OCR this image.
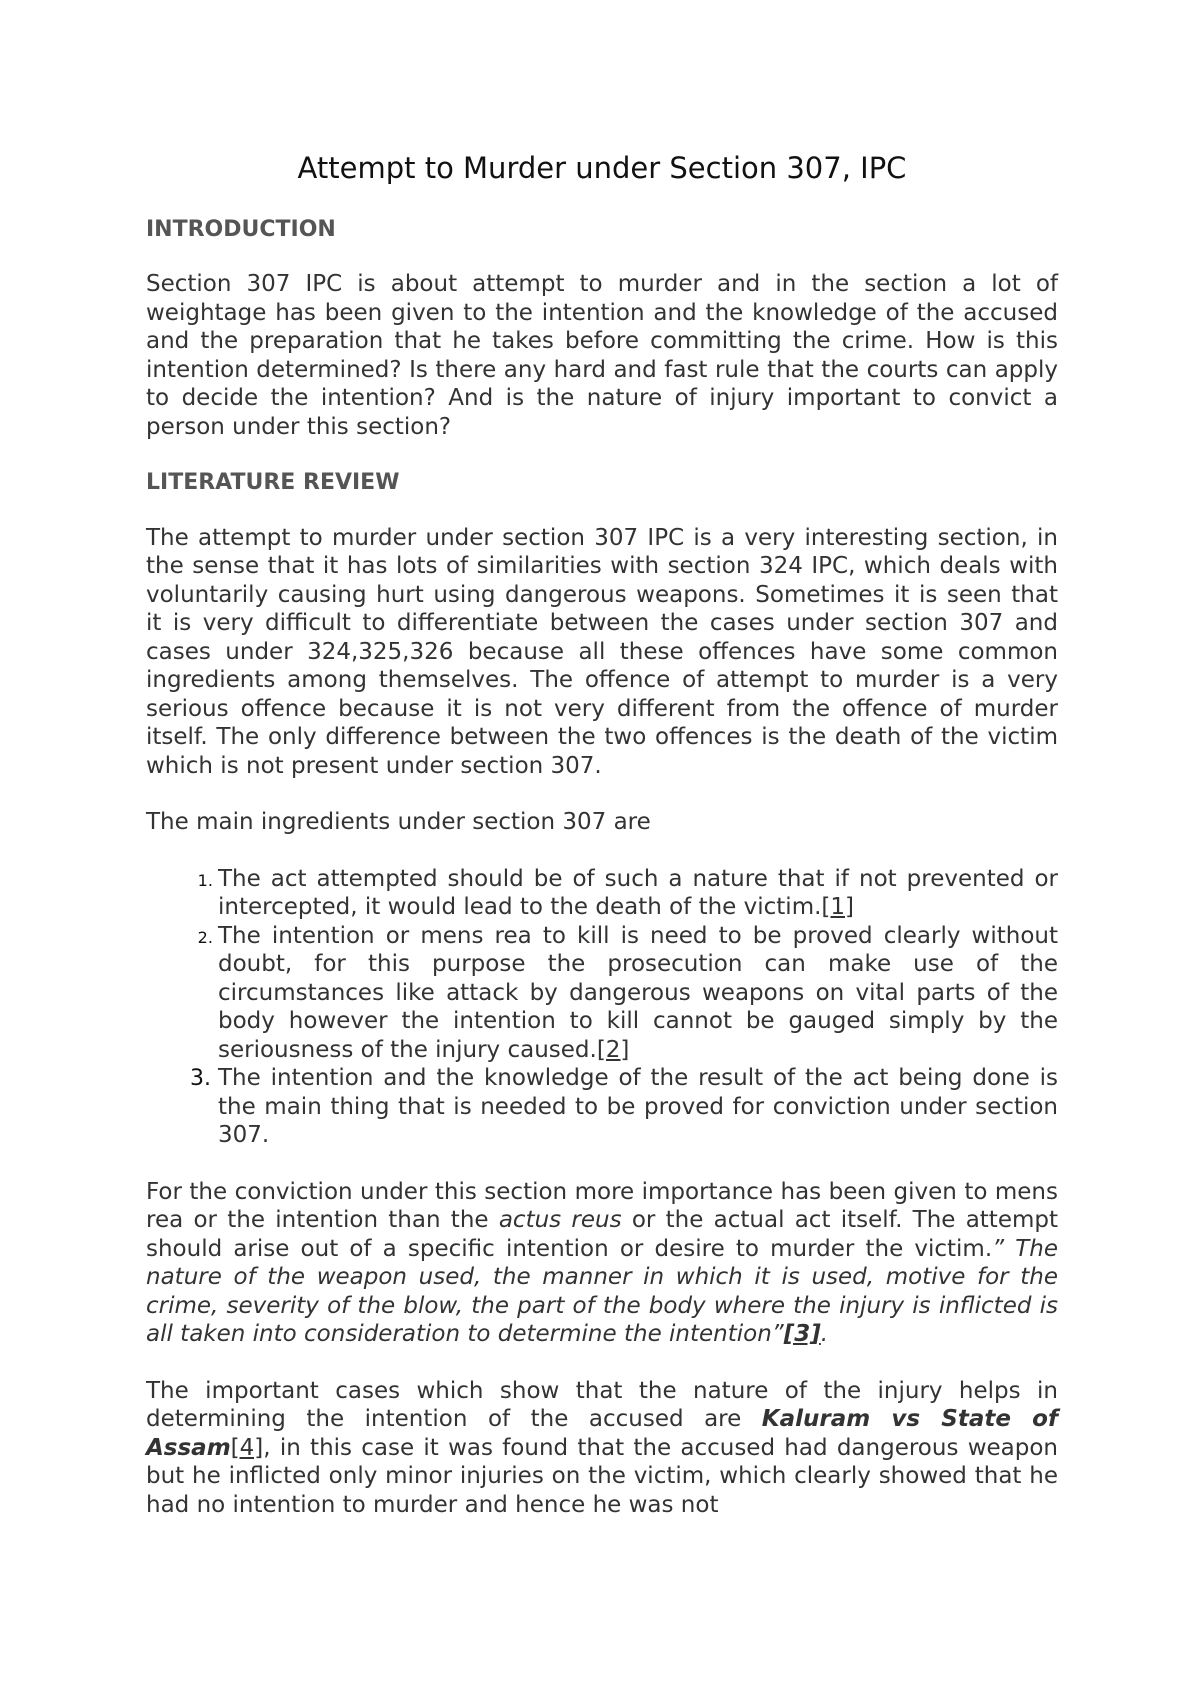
Attempt to Murder under Section 307, IPC
INTRODUCTION

Section 307 IPC is about attempt to murder and in the section a lot of weightage has been given to the intention and the knowledge of the accused and the preparation that he takes before committing the crime. How is this intention determined? Is there any hard and fast rule that the courts can apply to decide the intention? And is the nature of injury important to convict a person under this section?

LITERATURE REVIEW

The attempt to murder under section 307 IPC is a very interesting section, in the sense that it has lots of similarities with section 324 IPC, which deals with voluntarily causing hurt using dangerous weapons. Sometimes it is seen that it is very difficult to differentiate between the cases under section 307 and cases under 324,325,326 because all these offences have some common ingredients among themselves. The offence of attempt to murder is a very serious offence because it is not very different from the offence of murder itself. The only difference between the two offences is the death of the victim which is not present under section 307.

The main ingredients under section 307 are

1. The act attempted should be of such a nature that if not prevented or intercepted, it would lead to the death of the victim.[1]
2. The intention or mens rea to kill is need to be proved clearly without doubt, for this purpose the prosecution can make use of the circumstances like attack by dangerous weapons on vital parts of the body however the intention to kill cannot be gauged simply by the seriousness of the injury caused.[2]
3. The intention and the knowledge of the result of the act being done is the main thing that is needed to be proved for conviction under section 307.

For the conviction under this section more importance has been given to mens rea or the intention than the actus reus or the actual act itself. The attempt should arise out of a specific intention or desire to murder the victim.” The nature of the weapon used, the manner in which it is used, motive for the crime, severity of the blow, the part of the body where the injury is inflicted is all taken into consideration to determine the intention”[3].

The important cases which show that the nature of the injury helps in determining the intention of the accused are Kaluram vs State of Assam[4], in this case it was found that the accused had dangerous weapon but he inflicted only minor injuries on the victim, which clearly showed that he had no intention to murder and hence he was not
